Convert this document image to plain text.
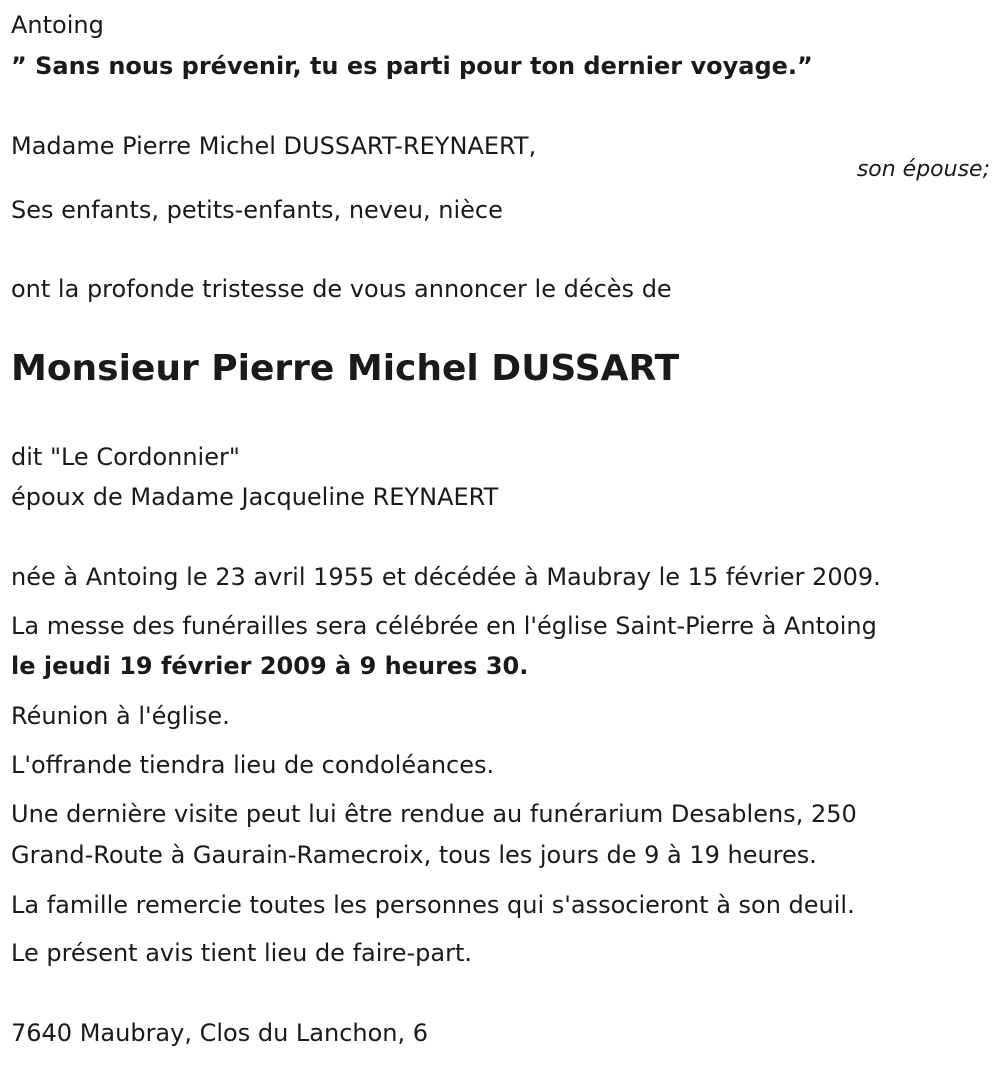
Antoing
” Sans nous prévenir, tu es parti pour ton dernier voyage.”
Madame Pierre Michel DUSSART-REYNAERT,
son épouse;
Ses enfants, petits-enfants, neveu, nièce
ont la profonde tristesse de vous annoncer le décès de
Monsieur Pierre Michel DUSSART
dit "Le Cordonnier"
époux de Madame Jacqueline REYNAERT
née à Antoing le 23 avril 1955 et décédée à Maubray le 15 février 2009.
La messe des funérailles sera célébrée en l'église Saint-Pierre à Antoing
le jeudi 19 février 2009 à 9 heures 30.
Réunion à l'église.
L'offrande tiendra lieu de condoléances.
Une dernière visite peut lui être rendue au funérarium Desablens, 250
Grand-Route à Gaurain-Ramecroix, tous les jours de 9 à 19 heures.
La famille remercie toutes les personnes qui s'associeront à son deuil.
Le présent avis tient lieu de faire-part.
7640 Maubray, Clos du Lanchon, 6
